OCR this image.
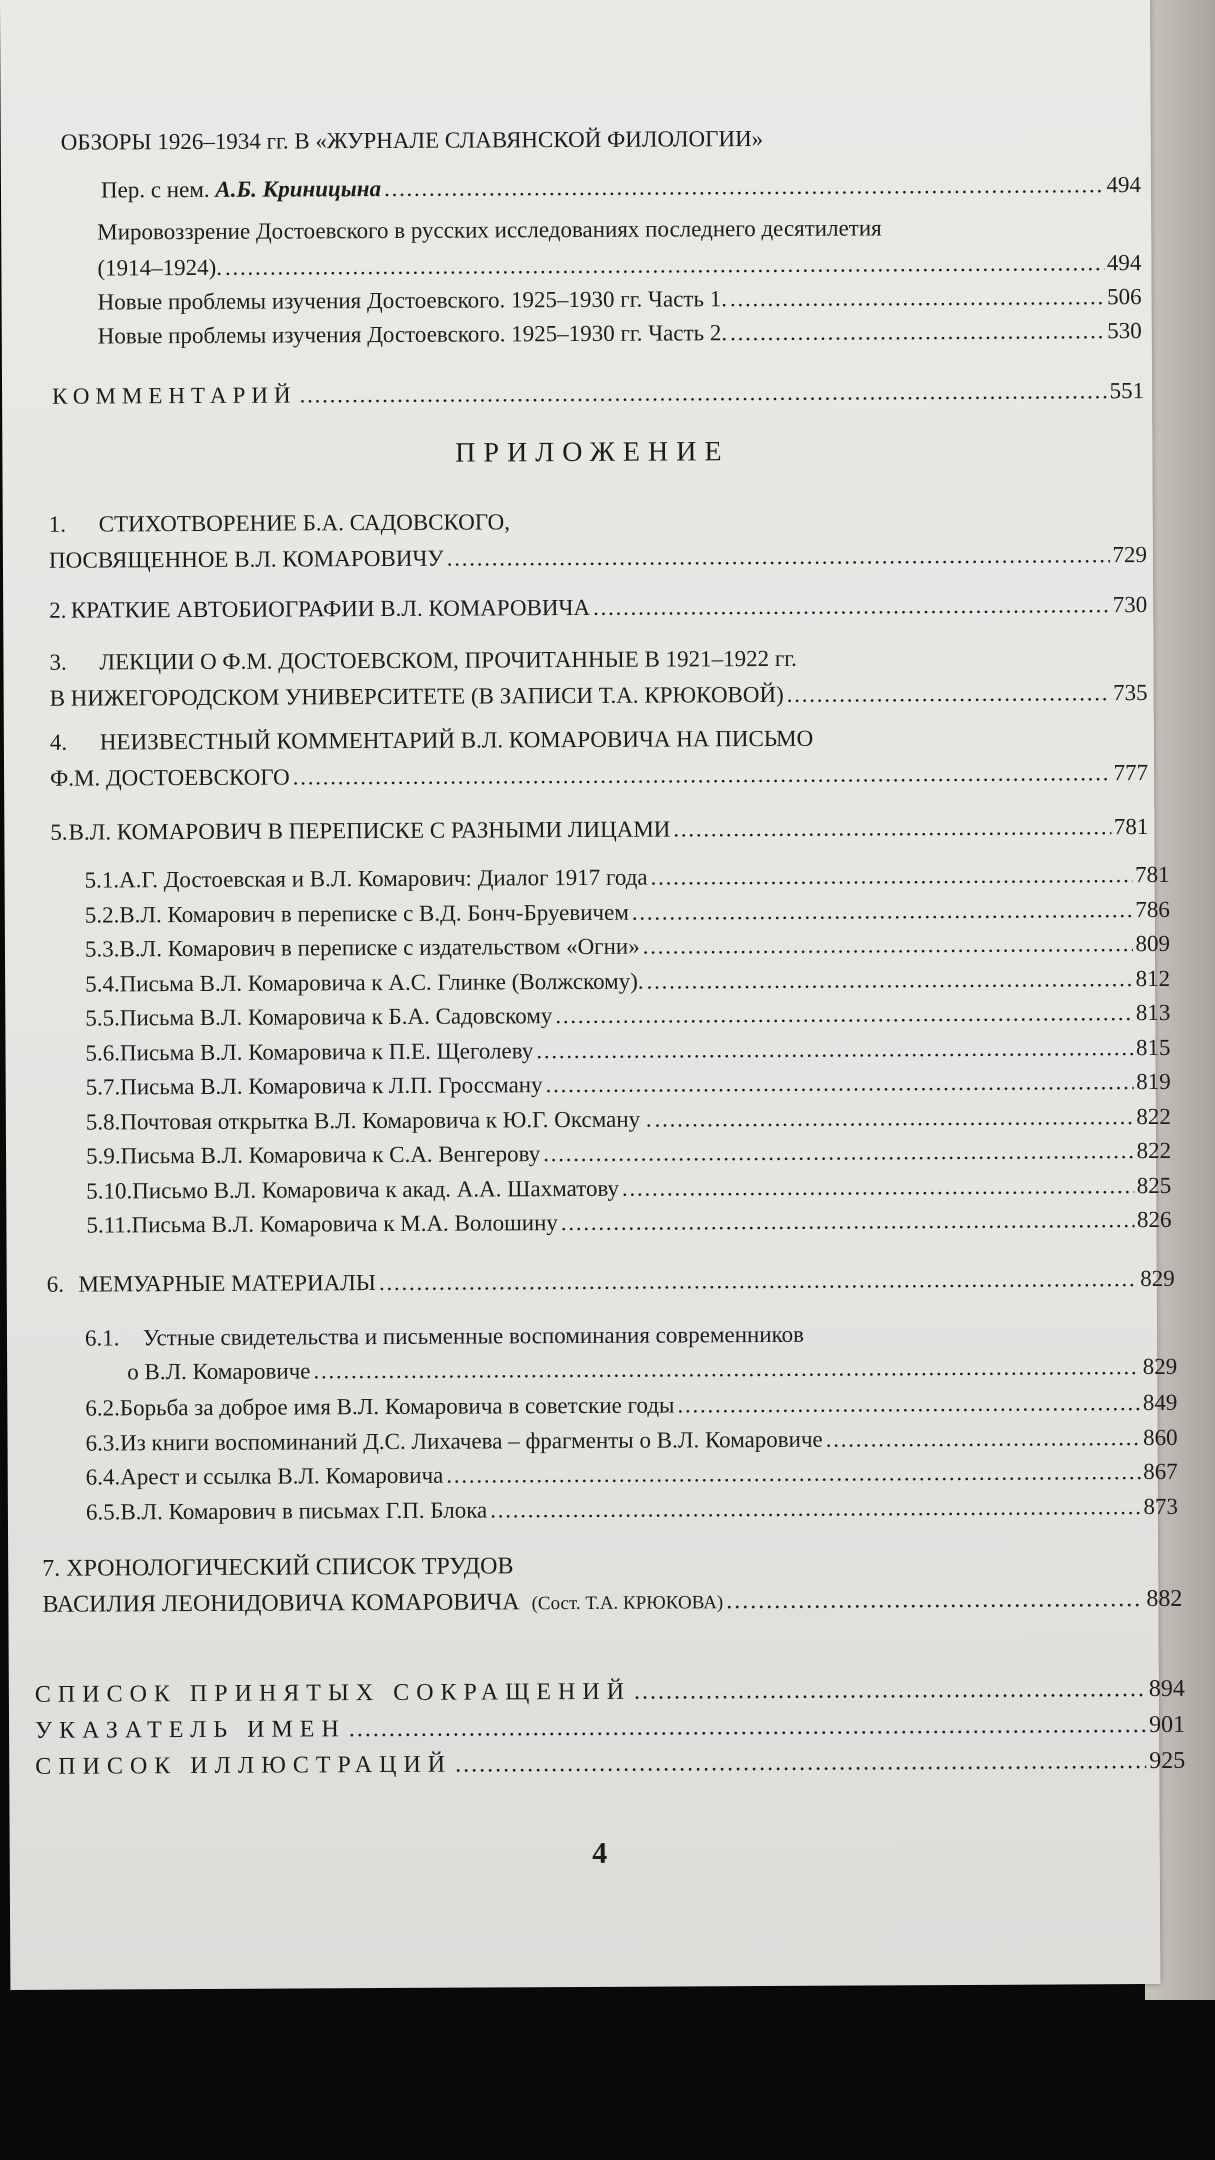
ОБЗОРЫ 1926–1934 гг. В «ЖУРНАЛЕ СЛАВЯНСКОЙ ФИЛОЛОГИИ»
Пер. с нем.
А.Б. Криницына . . .	494
Мировоззрение Достоевского в русских исследованиях последнего десятилетия
(1914–1924). . . .	494
Новые проблемы изучения Достоевского. 1925–1930 гг. Часть 1. . . .	506
Новые проблемы изучения Достоевского. 1925–1930 гг. Часть 2. . . .	530
КОММЕНТАРИЙ . . .	551
ПРИЛОЖЕНИЕ
1. СТИХОТВОРЕНИЕ Б.А. САДОВСКОГО,
ПОСВЯЩЕННОЕ В.Л. КОМАРОВИЧУ . . .	729
2. КРАТКИЕ АВТОБИОГРАФИИ В.Л. КОМАРОВИЧА . . .	730
3. ЛЕКЦИИ О Ф.М. ДОСТОЕВСКОМ, ПРОЧИТАННЫЕ В 1921–1922 гг.
В НИЖЕГОРОДСКОМ УНИВЕРСИТЕТЕ (В ЗАПИСИ Т.А. КРЮКОВОЙ) . . .	735
4. НЕИЗВЕСТНЫЙ КОММЕНТАРИЙ В.Л. КОМАРОВИЧА НА ПИСЬМО
Ф.М. ДОСТОЕВСКОГО . . .	777
5. В.Л. КОМАРОВИЧ В ПЕРЕПИСКЕ С РАЗНЫМИ ЛИЦАМИ . . .	781
5.1. А.Г. Достоевская и В.Л. Комарович: Диалог 1917 года . . .	781
5.2. В.Л. Комарович в переписке с В.Д. Бонч-Бруевичем . . .	786
5.3. В.Л. Комарович в переписке с издательством «Огни» . . .	809
5.4. Письма В.Л. Комаровича к А.С. Глинке (Волжскому). . . .	812
5.5. Письма В.Л. Комаровича к Б.А. Садовскому . . .	813
5.6. Письма В.Л. Комаровича к П.Е. Щеголеву . . .	815
5.7. Письма В.Л. Комаровича к Л.П. Гроссману . . .	819
5.8. Почтовая открытка В.Л. Комаровича к Ю.Г. Оксману . . . .	822
5.9. Письма В.Л. Комаровича к С.А. Венгерову . . .	822
5.10. Письмо В.Л. Комаровича к акад. А.А. Шахматову . . .	825
5.11. Письма В.Л. Комаровича к М.А. Волошину . . .	826
6. МЕМУАРНЫЕ МАТЕРИАЛЫ . . .	829
6.1. Устные свидетельства и письменные воспоминания современников
о В.Л. Комаровиче . . .	829
6.2. Борьба за доброе имя В.Л. Комаровича в советские годы . . .	849
6.3. Из книги воспоминаний Д.С. Лихачева – фрагменты о В.Л. Комаровиче . . .	860
6.4. Арест и ссылка В.Л. Комаровича . . .	867
6.5. В.Л. Комарович в письмах Г.П. Блока . . .	873
7. ХРОНОЛОГИЧЕСКИЙ СПИСОК ТРУДОВ
ВАСИЛИЯ ЛЕОНИДОВИЧА КОМАРОВИЧА
(Сост. Т.А. КРЮКОВА) . . .	882
СПИСОК ПРИНЯТЫХ СОКРАЩЕНИЙ . . .	894
УКАЗАТЕЛЬ ИМЕН . . .	901
СПИСОК ИЛЛЮСТРАЦИЙ . . .	925
4
